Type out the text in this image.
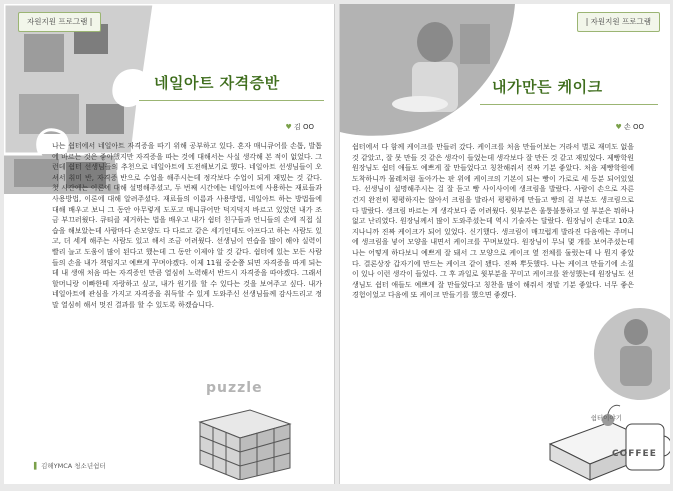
자원지원 프로그램 |
네일아트 자격증반
♥ 김 OO
나는 쉼터에서 네일아트 자격증을 따기 위해 공부하고 있다. 혼자 매니큐어를 손톱, 발톱에 바르는 것은 좋아했지만 자격증을 따는 것에 대해서는 사실 생각해 본 적이 없었다. 그런데 쉼터 선생님들의 추천으로 네일아트에 도전해보기로 했다. 네일아트 선생님들이 오셔서 취미 반, 자격증 반으로 수업을 해주시는데 정각보다 수업이 되게 재밌는 것 같다. 첫 시간에는 이론에 대해 설명해주셨고, 두 번째 시간에는 네일아트에 사용하는 재료들과 사용방법, 이론에 대해 알려주셨다. 재료들의 이름과 사용방법, 네일아트 하는 방법들에 대해 배우고 보니 그 동안 아무렇게 도포고 매니큐어만 덕지덕지 바르고 있었던 내가 조금 부끄러웠다. 큐티클 제거하는 법을 배우고 내가 쉼터 친구들과 언니들의 손에 직접 실습을 해보았는데 사람마다 손모양도 다 다르고 같은 세기인데도 아프다고 하는 사람도 있고, 더 세게 해주는 사람도 있고 해서 조금 어려웠다. 선생님이 연습을 많이 해야 실력이 빨리 늘고 도움이 많이 된다고 했는데 그 동안 이제야 알 것 같다. 쉼터에 있는 모든 사람들의 손을 내가 책임지고 예쁘게 꾸며야겠다. 이제 11월 중순쯤 되면 자격증을 따게 되는데 내 생애 처음 따는 자격증인 만큼 열심히 노력해서 반드시 자격증을 따야겠다. 그래서 할머니랑 이빠한테 자랑하고 싶고, 내가 원기를 할 수 있다는 것을 보여주고 싶다. 내가 네일아트에 관심을 가지고 자격증을 취득할 수 있게 도와주신 선생님들께 감사드리고 정말 열심히 해서 멋진 결과를 할 수 있도록 하겠습니다.
puzzle
▌ 김해YMCA 청소년쉼터
| 자원지원 프로그램
내가만든 케이크
♥ 손 OO
쉼터에서 다 함께 케이크를 만들러 갔다. 케이크를 처음 만들어보는 거라서 별로 재미도 없을 것 같았고, 잘 못 만들 것 같은 생각이 들었는데 생각보다 잘 만든 것 같고 재밌었다. 제빵학원 원장님도 쉼터 애들도 예쁘게 잘 만들었다고 칭찬해줘서 진짜 기분 좋았다. 처음 제빵학원에 도착하니까 물레처럼 돌아가는 판 위에 케이크의 기본이 되는 빵이 가로로 세 등분 되어있었다. 선생님이 설명해주시는 걸 잘 듣고 빵 사이사이에 생크림을 발랐다. 사람이 손으로 자른 건지 완전히 평평하지는 않아서 크림을 발라서 평평하게 만들고 빵의 겉 부분도 생크림으로 다 발랐다. 생크림 바르는 게 생각보다 좀 어려웠다. 윗부분은 울퉁불퉁하고 옆 부분은 뭐하나 없고 난리였다. 원장님께서 많이 도와주셨는데 역시 기술자는 달랐다. 원장님이 손대고 10초 지나니까 진짜 케이크가 되어 있었다. 신기했다. 생크림이 매끄럽게 발라진 다음에는 주머니에 생크림을 넣어 모양을 내면서 케이크를 꾸며보았다. 원장님이 무늬 몇 개를 보여주셨는데 나는 어떻게 하다보니 예쁘게 잘 돼서 그 모양으로 케이크 옆 전체를 둘렀는데 나 뭔지 좋았다. 결론상장 갑자기에 만드는 케이크 같이 됐다. 진짜 뿌듯했다. 나는 케이크 만들기에 소질이 있나 이런 생각이 들었다. 그 후 과일로 윗부분을 꾸미고 케이크를 완성했는데 원장님도 선생님도 쉼터 애들도 예쁘게 잘 만들었다고 칭찬을 많이 해줘서 정말 기분 좋았다. 너무 좋은 경험이었고 다음에 또 케이크 만들기를 했으면 좋겠다.
COFFEE
쉼터이야기
